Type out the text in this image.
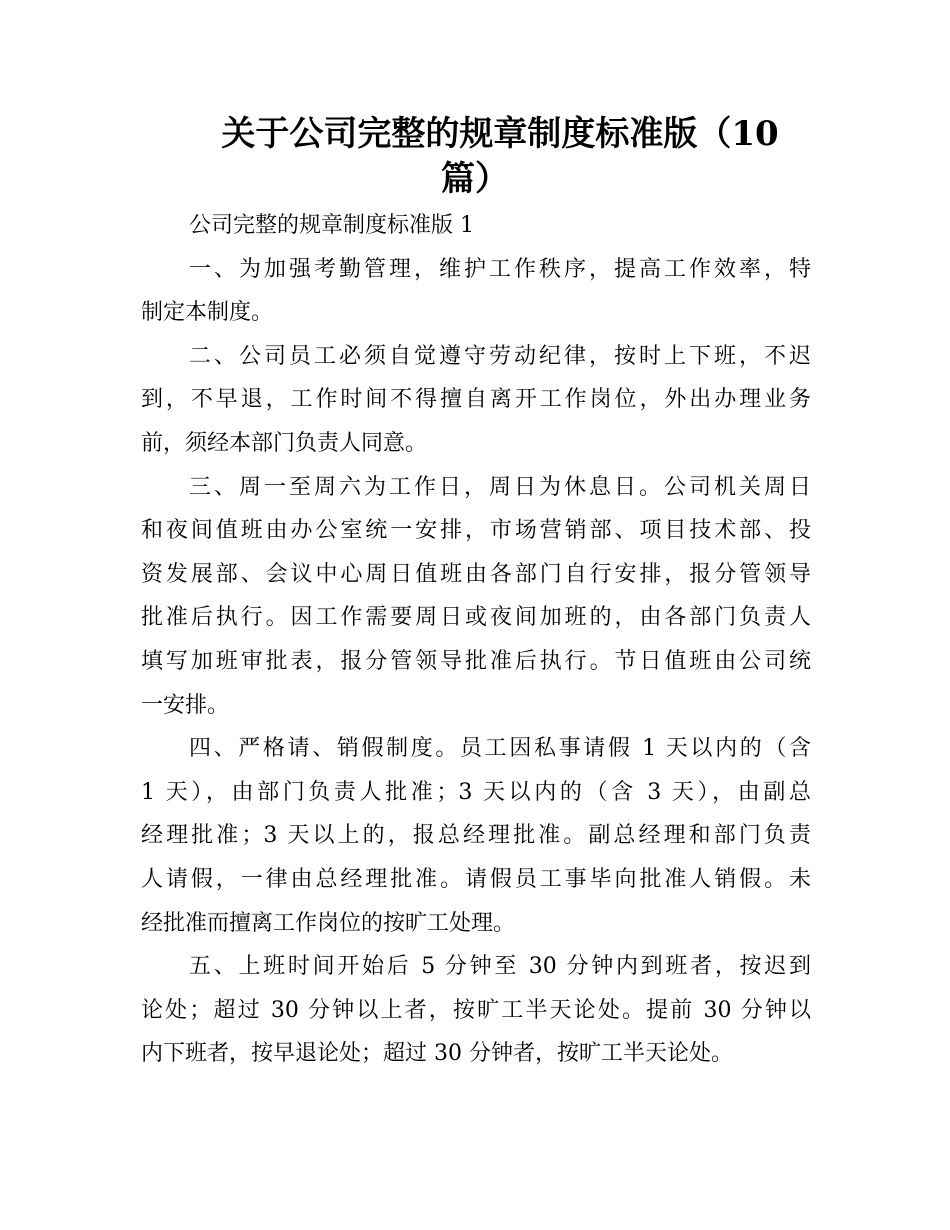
关于公司完整的规章制度标准版（10
篇）
公司完整的规章制度标准版 1
一、为加强考勤管理，维护工作秩序，提高工作效率，特
制定本制度。
二、公司员工必须自觉遵守劳动纪律，按时上下班，不迟
到，不早退，工作时间不得擅自离开工作岗位，外出办理业务
前，须经本部门负责人同意。
三、周一至周六为工作日，周日为休息日。公司机关周日
和夜间值班由办公室统一安排，市场营销部、项目技术部、投
资发展部、会议中心周日值班由各部门自行安排，报分管领导
批准后执行。因工作需要周日或夜间加班的，由各部门负责人
填写加班审批表，报分管领导批准后执行。节日值班由公司统
一安排。
四、严格请、销假制度。员工因私事请假 1 天以内的（含
1 天），由部门负责人批准；3 天以内的（含 3 天），由副总
经理批准；3 天以上的，报总经理批准。副总经理和部门负责
人请假，一律由总经理批准。请假员工事毕向批准人销假。未
经批准而擅离工作岗位的按旷工处理。
五、上班时间开始后 5 分钟至 30 分钟内到班者，按迟到
论处；超过 30 分钟以上者，按旷工半天论处。提前 30 分钟以
内下班者，按早退论处；超过 30 分钟者，按旷工半天论处。
